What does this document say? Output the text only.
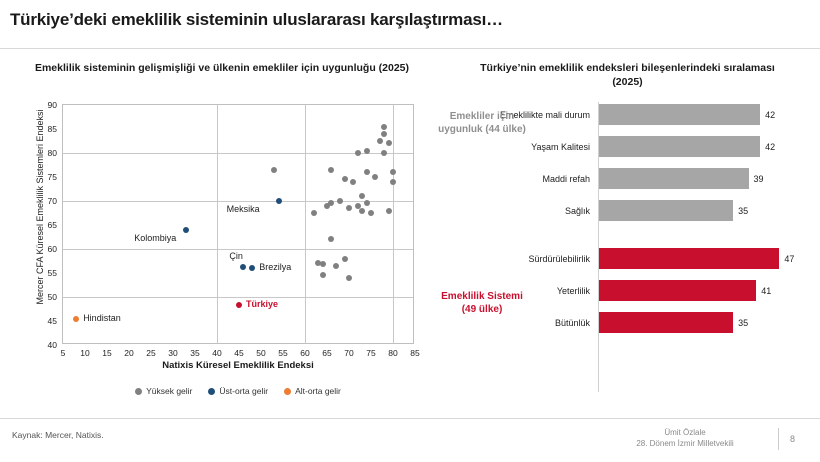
Türkiye’deki emeklilik sisteminin uluslararası karşılaştırması…
Emeklilik sisteminin gelişmişliği ve ülkenin emekliler için uygunluğu (2025)
Mercer CFA Küresel Emeklilik Sistemleri Endeksi
40
45
50
55
60
65
70
75
80
85
90
5 10 15 20 25 30 35 40 45 50 55 60 65 70 75 80 85
Hindistan
Kolombiya
Çin
Brezilya
Meksika
Türkiye
Natixis Küresel Emeklilik Endeksi
Yüksek gelir	Üst-orta gelir	Alt-orta gelir
Türkiye’nin emeklilik endeksleri bileşenlerindeki sıralaması (2025)
Emeklilikte mali durum	42
Yaşam Kalitesi	42
Maddi refah	39
Sağlık	35
Sürdürülebilirlik	47
Yeterlilik	41
Bütünlük	35
Emekliler için uygunluk (44 ülke)
Emeklilik Sistemi (49 ülke)
Kaynak: Mercer, Natixis.	Ümit Özlale
28. Dönem İzmir Milletvekili	8
